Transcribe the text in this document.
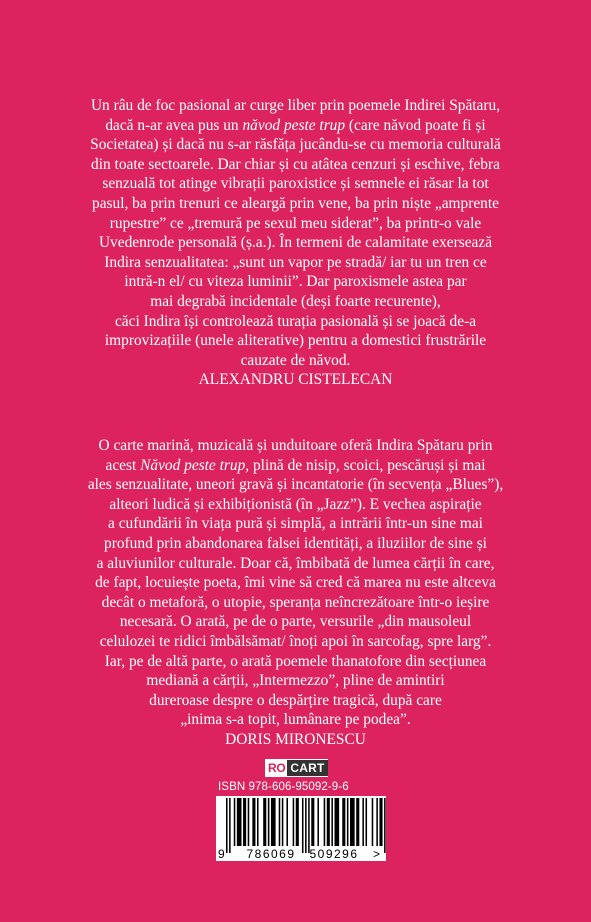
Un râu de foc pasional ar curge liber prin poemele Indirei Spătaru,
dacă n-ar avea pus un năvod peste trup (care năvod poate fi și
Societatea) și dacă nu s-ar răsfăța jucându-se cu memoria culturală
din toate sectoarele. Dar chiar și cu atâtea cenzuri și eschive, febra
senzuală tot atinge vibrații paroxistice și semnele ei răsar la tot
pasul, ba prin trenuri ce aleargă prin vene, ba prin niște „amprente
rupestre” ce „tremură pe sexul meu siderat”, ba printr-o vale
Uvedenrode personală (ș.a.). În termeni de calamitate exersează
Indira senzualitatea: „sunt un vapor pe stradă/ iar tu un tren ce
intră-n el/ cu viteza luminii”. Dar paroxismele astea par
mai degrabă incidentale (deși foarte recurente),
căci Indira își controlează turația pasională și se joacă de-a
improvizațiile (unele aliterative) pentru a domestici frustrările
cauzate de năvod.
ALEXANDRU CISTELECAN
O carte marină, muzicală și unduitoare oferă Indira Spătaru prin
acest Năvod peste trup, plină de nisip, scoici, pescăruși și mai
ales senzualitate, uneori gravă și incantatorie (în secvența „Blues”),
alteori ludică și exhibiționistă (în „Jazz”). E vechea aspirație
a cufundării în viața pură și simplă, a intrării într-un sine mai
profund prin abandonarea falsei identități, a iluziilor de sine și
a aluviunilor culturale. Doar că, îmbibată de lumea cărții în care,
de fapt, locuiește poeta, îmi vine să cred că marea nu este altceva
decât o metaforă, o utopie, speranța neîncrezătoare într-o ieșire
necesară. O arată, pe de o parte, versurile „din mausoleul
celulozei te ridici îmbălsămat/ înoți apoi în sarcofag, spre larg”.
Iar, pe de altă parte, o arată poemele thanatofore din secțiunea
mediană a cărții, „Intermezzo”, pline de amintiri
dureroase despre o despărțire tragică, după care
„inima s-a topit, lumânare pe podea”.
DORIS MIRONESCU
RO CART
ISBN 978-606-95092-9-6
9 786069 509296 >
